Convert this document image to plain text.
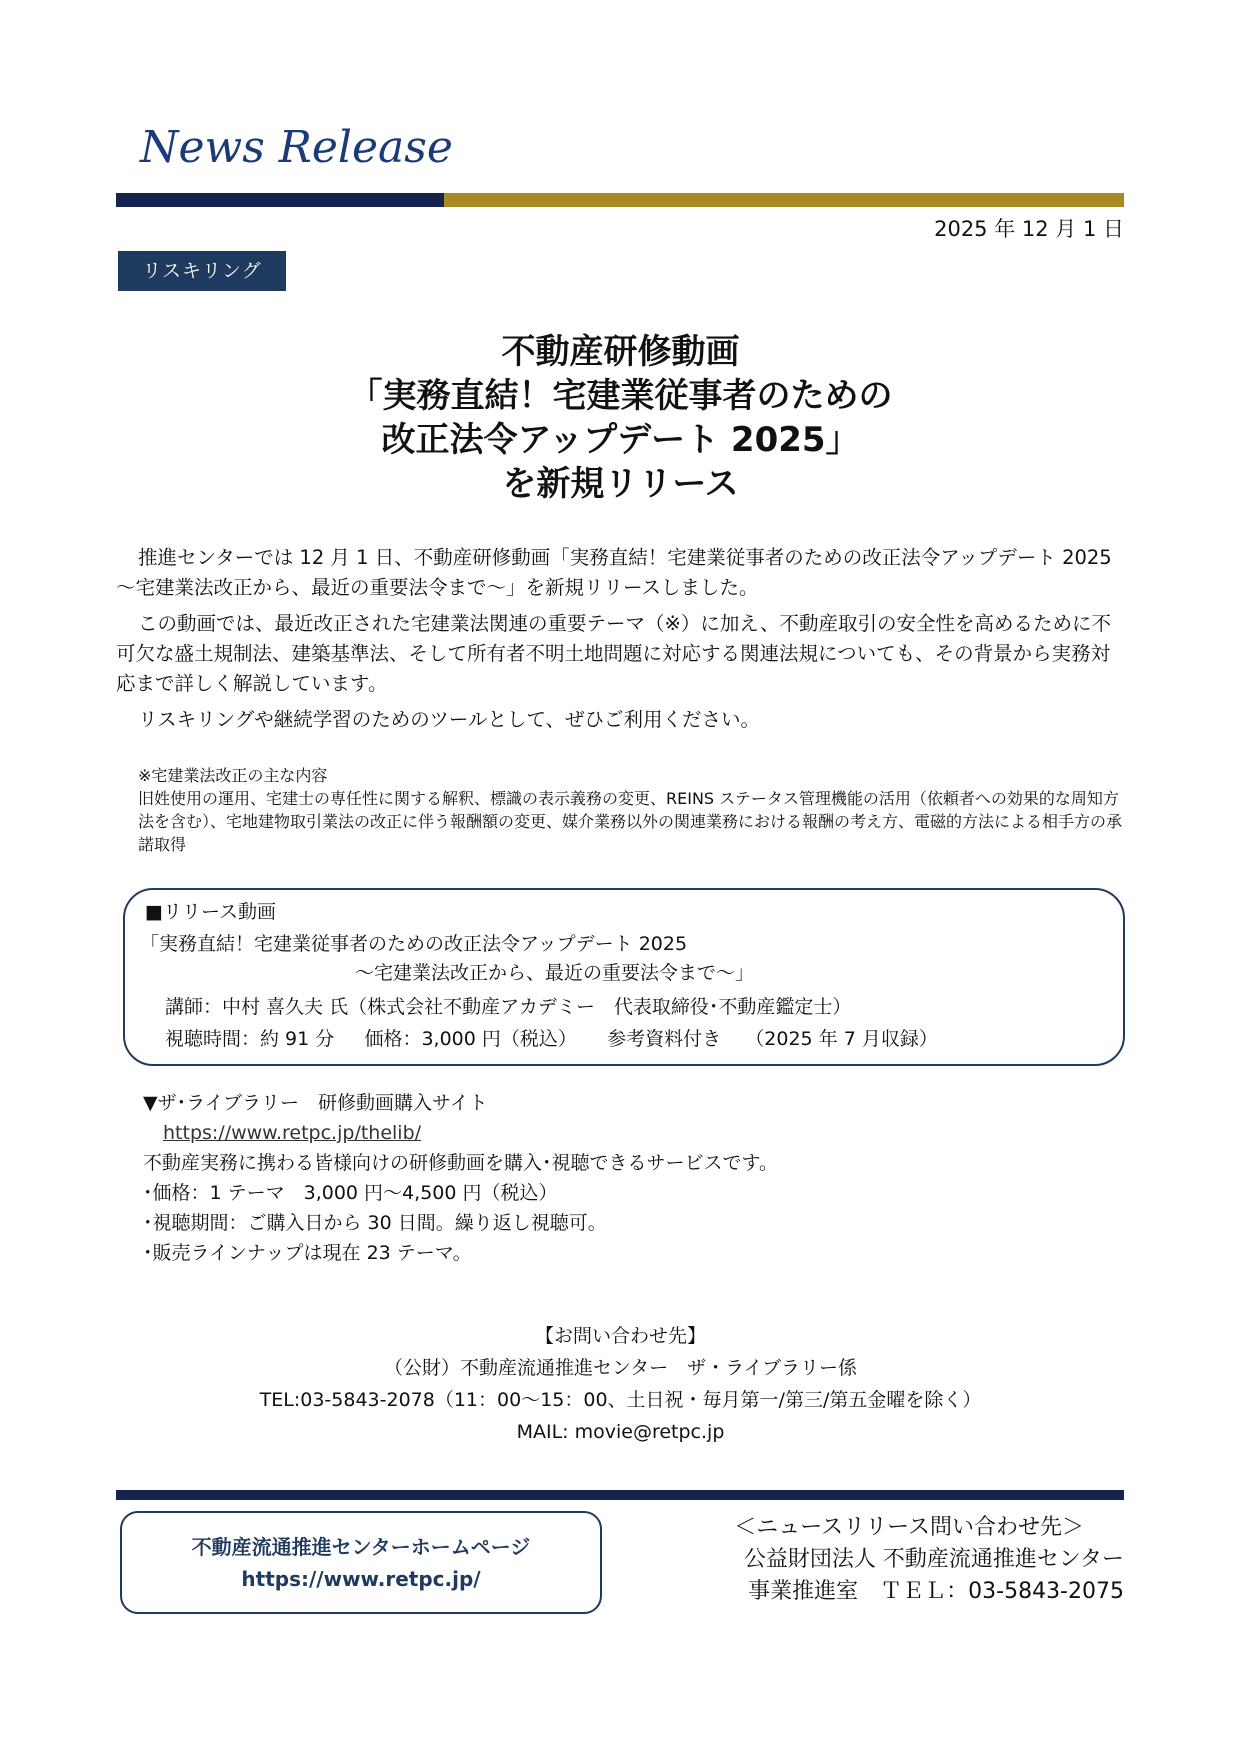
News Release
2025 年 12 月 1 日
リスキリング
不動産研修動画
「実務直結！宅建業従事者のための
改正法令アップデート 2025」
を新規リリース

推進センターでは 12 月 1 日、不動産研修動画「実務直結！宅建業従事者のための改正法令アップデート 2025～宅建業法改正から、最近の重要法令まで～」を新規リリースしました。

この動画では、最近改正された宅建業法関連の重要テーマ（※）に加え、不動産取引の安全性を高めるために不可欠な盛土規制法、建築基準法、そして所有者不明土地問題に対応する関連法規についても、その背景から実務対応まで詳しく解説しています。

リスキリングや継続学習のためのツールとして、ぜひご利用ください。

※宅建業法改正の主な内容
旧姓使用の運用、宅建士の専任性に関する解釈、標識の表示義務の変更、REINS ステータス管理機能の活用（依頼者への効果的な周知方法を含む）、宅地建物取引業法の改正に伴う報酬額の変更、媒介業務以外の関連業務における報酬の考え方、電磁的方法による相手方の承諾取得
■リリース動画
「実務直結！宅建業従事者のための改正法令アップデート 2025
～宅建業法改正から、最近の重要法令まで～」
講師：中村 喜久夫 氏（株式会社不動産アカデミー　代表取締役･不動産鑑定士）
視聴時間：約 91 分 価格：3,000 円（税込） 参考資料付き （2025 年 7 月収録）
▼ザ･ライブラリー　研修動画購入サイト
https://www.retpc.jp/thelib/
不動産実務に携わる皆様向けの研修動画を購入･視聴できるサービスです。
･価格：1 テーマ　3,000 円～4,500 円（税込）
･視聴期間：ご購入日から 30 日間。繰り返し視聴可。
･販売ラインナップは現在 23 テーマ。
【お問い合わせ先】
（公財）不動産流通推進センター　ザ・ライブラリー係
TEL:03-5843-2078（11：00～15：00、土日祝・毎月第一/第三/第五金曜を除く）
MAIL: movie@retpc.jp
不動産流通推進センターホームページ
https://www.retpc.jp/
＜ニュースリリース問い合わせ先＞
公益財団法人 不動産流通推進センター
事業推進室　ＴＥＬ：03-5843-2075
